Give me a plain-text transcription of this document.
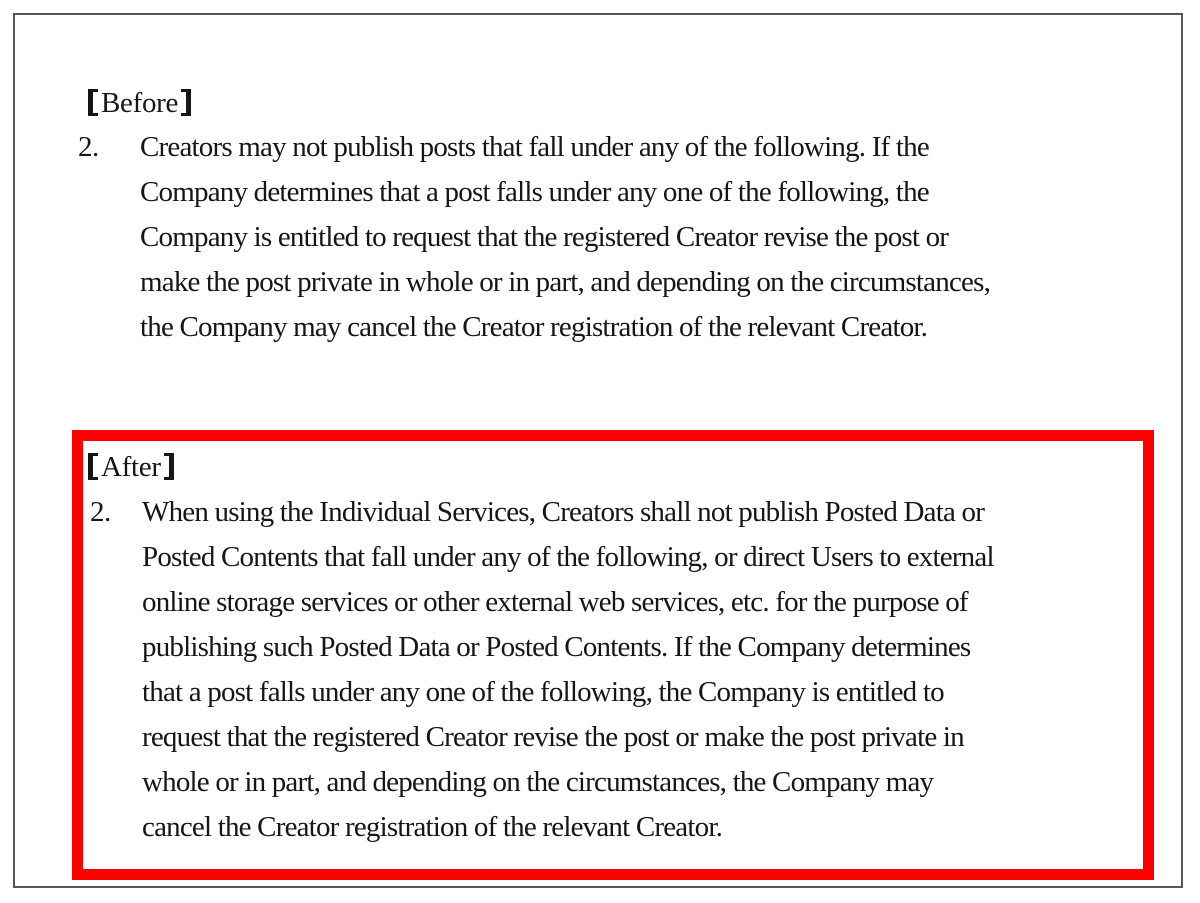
Before
2. Creators may not publish posts that fall under any of the following. If the
Company determines that a post falls under any one of the following, the
Company is entitled to request that the registered Creator revise the post or
make the post private in whole or in part, and depending on the circumstances,
the Company may cancel the Creator registration of the relevant Creator.
After
2. When using the Individual Services, Creators shall not publish Posted Data or
Posted Contents that fall under any of the following, or direct Users to external
online storage services or other external web services, etc. for the purpose of
publishing such Posted Data or Posted Contents. If the Company determines
that a post falls under any one of the following, the Company is entitled to
request that the registered Creator revise the post or make the post private in
whole or in part, and depending on the circumstances, the Company may
cancel the Creator registration of the relevant Creator.
